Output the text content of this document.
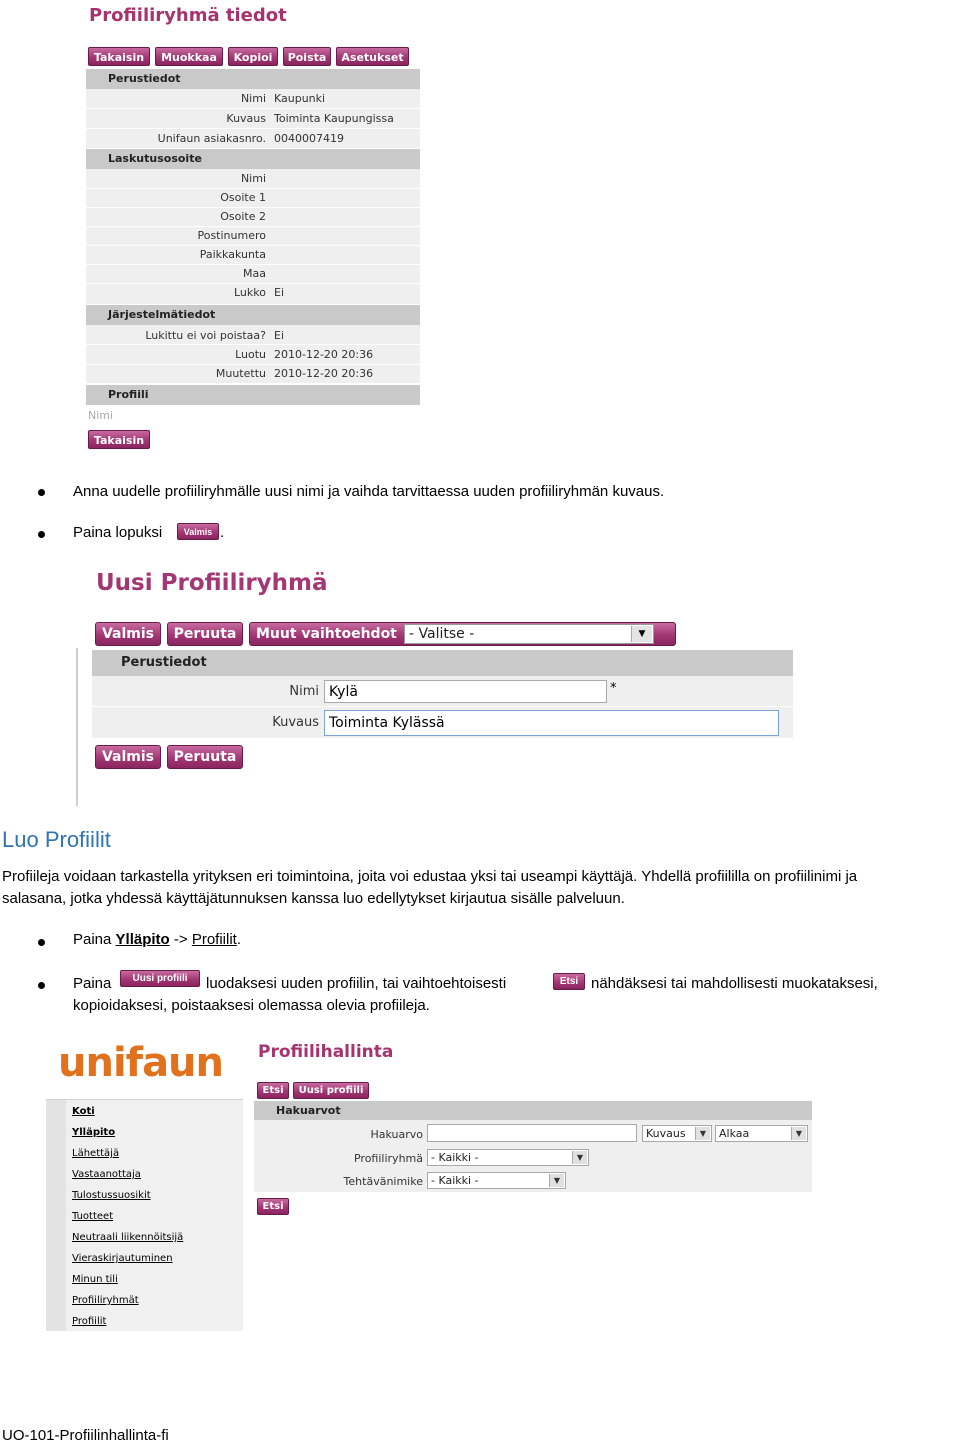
Profiiliryhmä tiedot
Takaisin	Muokkaa	Kopioi	Poista	Asetukset
Perustiedot
Nimi Kaupunki
Kuvaus Toiminta Kaupungissa
Unifaun asiakasnro. 0040007419
Laskutusosoite
Nimi
Osoite 1
Osoite 2
Postinumero
Paikkakunta
Maa
Lukko Ei
Järjestelmätiedot
Lukittu ei voi poistaa? Ei
Luotu 2010-12-20 20:36
Muutettu 2010-12-20 20:36
Profiili
Nimi
Takaisin
Anna uudelle profiiliryhmälle uusi nimi ja vaihda tarvittaessa uuden profiiliryhmän kuvaus.
Paina lopuksi	Valmis .
Uusi Profiiliryhmä
Valmis	Peruuta	Muut vaihtoehdot - Valitse -	▼
Perustiedot
Nimi Kylä	*
Kuvaus Toiminta Kylässä
Valmis	Peruuta
Luo Profiilit
Profiileja voidaan tarkastella yrityksen eri toimintoina, joita voi edustaa yksi tai useampi käyttäjä. Yhdellä profiililla on profiilinimi ja
salasana, jotka yhdessä käyttäjätunnuksen kanssa luo edellytykset kirjautua sisälle palveluun.
Paina Ylläpito -> Profiilit.
Paina	Uusi profiili	luodaksesi uuden profiilin, tai vaihtoehtoisesti	Etsi nähdäksesi tai mahdollisesti muokataksesi,
kopioidaksesi, poistaaksesi olemassa olevia profiileja.
unifaun Profiilihallinta
Etsi	Uusi profiili
Koti
Ylläpito
Lähettäjä
Vastaanottaja
Tulostussuosikit
Tuotteet
Neutraali liikennöitsijä
Vieraskirjautuminen
Minun tili
Profiiliryhmät
Profiilit
Hakuarvot
Hakuarvo	Kuvaus	▼	Alkaa	▼
Profiiliryhmä - Kaikki -	▼
Tehtävänimike - Kaikki -	▼
Etsi
UO-101-Profiilinhallinta-fi
